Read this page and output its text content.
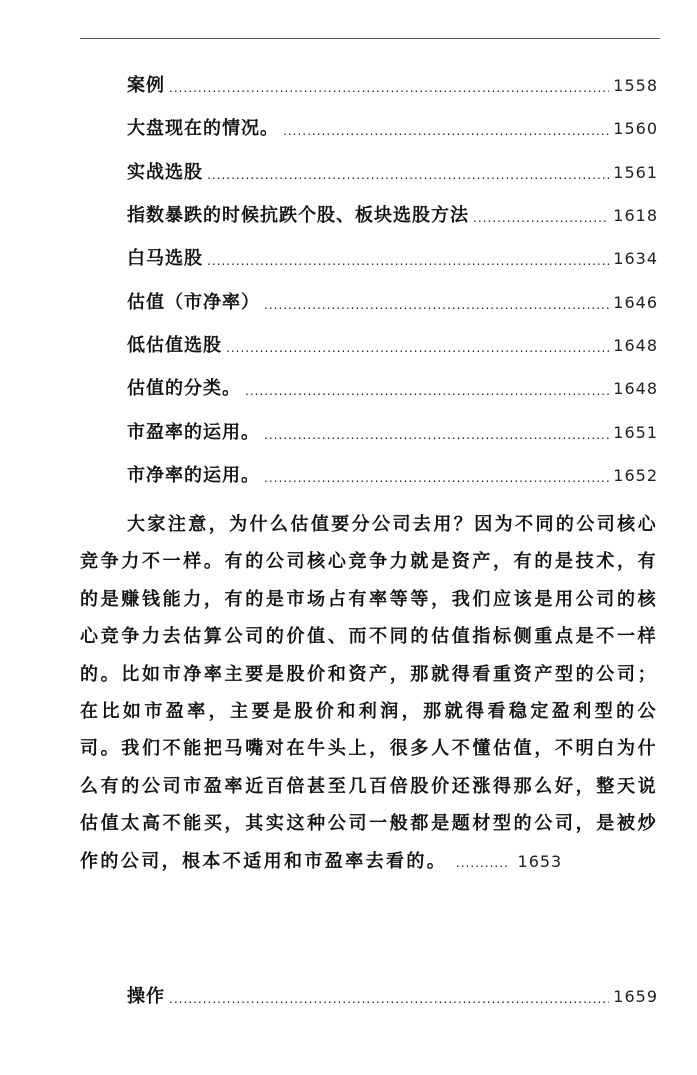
案例 .....	1558
大盘现在的情况。 .....	1560
实战选股 .....	1561
指数暴跌的时候抗跌个股、板块选股方法 .....	1618
白马选股 .....	1634
估值（市净率） .....	1646
低估值选股 .....	1648
估值的分类。 .....	1648
市盈率的运用。 .....	1651
市净率的运用。 .....	1652

大家注意，为什么估值要分公司去用？因为不同的公司核心竞争力不一样。有的公司核心竞争力就是资产，有的是技术，有的是赚钱能力，有的是市场占有率等等，我们应该是用公司的核心竞争力去估算公司的价值、而不同的估值指标侧重点是不一样的。比如市净率主要是股价和资产，那就得看重资产型的公司；在比如市盈率，主要是股价和利润，那就得看稳定盈利型的公司。我们不能把马嘴对在牛头上，很多人不懂估值，不明白为什么有的公司市盈率近百倍甚至几百倍股价还涨得那么好，整天说估值太高不能买，其实这种公司一般都是题材型的公司，是被炒作的公司，根本不适用和市盈率去看的。 .....	1653

操作 .....	1659
